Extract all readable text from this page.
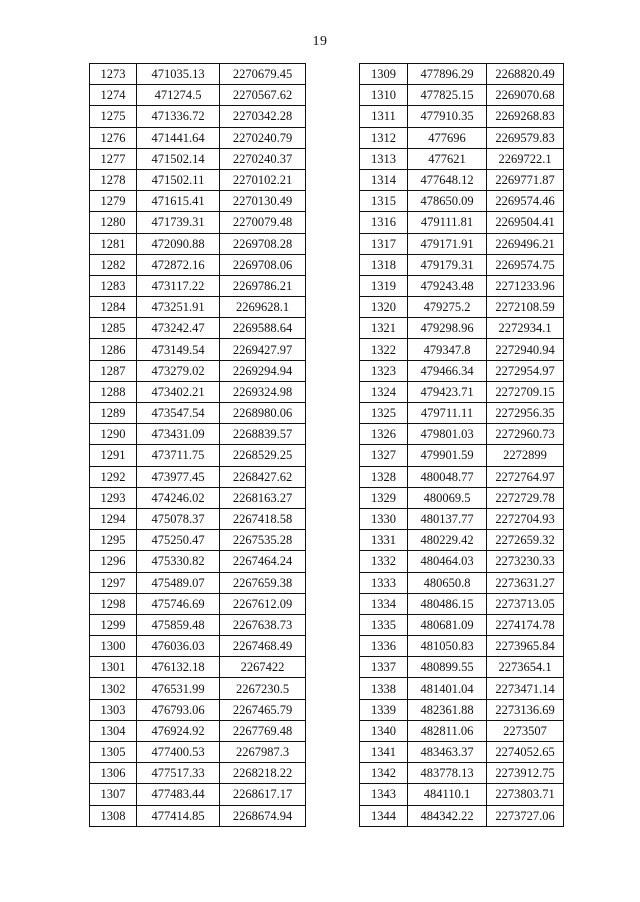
19
1273	471035.13	2270679.45
1274	471274.5	2270567.62
1275	471336.72	2270342.28
1276	471441.64	2270240.79
1277	471502.14	2270240.37
1278	471502.11	2270102.21
1279	471615.41	2270130.49
1280	471739.31	2270079.48
1281	472090.88	2269708.28
1282	472872.16	2269708.06
1283	473117.22	2269786.21
1284	473251.91	2269628.1
1285	473242.47	2269588.64
1286	473149.54	2269427.97
1287	473279.02	2269294.94
1288	473402.21	2269324.98
1289	473547.54	2268980.06
1290	473431.09	2268839.57
1291	473711.75	2268529.25
1292	473977.45	2268427.62
1293	474246.02	2268163.27
1294	475078.37	2267418.58
1295	475250.47	2267535.28
1296	475330.82	2267464.24
1297	475489.07	2267659.38
1298	475746.69	2267612.09
1299	475859.48	2267638.73
1300	476036.03	2267468.49
1301	476132.18	2267422
1302	476531.99	2267230.5
1303	476793.06	2267465.79
1304	476924.92	2267769.48
1305	477400.53	2267987.3
1306	477517.33	2268218.22
1307	477483.44	2268617.17
1308	477414.85	2268674.94
1309	477896.29	2268820.49
1310	477825.15	2269070.68
1311	477910.35	2269268.83
1312	477696	2269579.83
1313	477621	2269722.1
1314	477648.12	2269771.87
1315	478650.09	2269574.46
1316	479111.81	2269504.41
1317	479171.91	2269496.21
1318	479179.31	2269574.75
1319	479243.48	2271233.96
1320	479275.2	2272108.59
1321	479298.96	2272934.1
1322	479347.8	2272940.94
1323	479466.34	2272954.97
1324	479423.71	2272709.15
1325	479711.11	2272956.35
1326	479801.03	2272960.73
1327	479901.59	2272899
1328	480048.77	2272764.97
1329	480069.5	2272729.78
1330	480137.77	2272704.93
1331	480229.42	2272659.32
1332	480464.03	2273230.33
1333	480650.8	2273631.27
1334	480486.15	2273713.05
1335	480681.09	2274174.78
1336	481050.83	2273965.84
1337	480899.55	2273654.1
1338	481401.04	2273471.14
1339	482361.88	2273136.69
1340	482811.06	2273507
1341	483463.37	2274052.65
1342	483778.13	2273912.75
1343	484110.1	2273803.71
1344	484342.22	2273727.06
